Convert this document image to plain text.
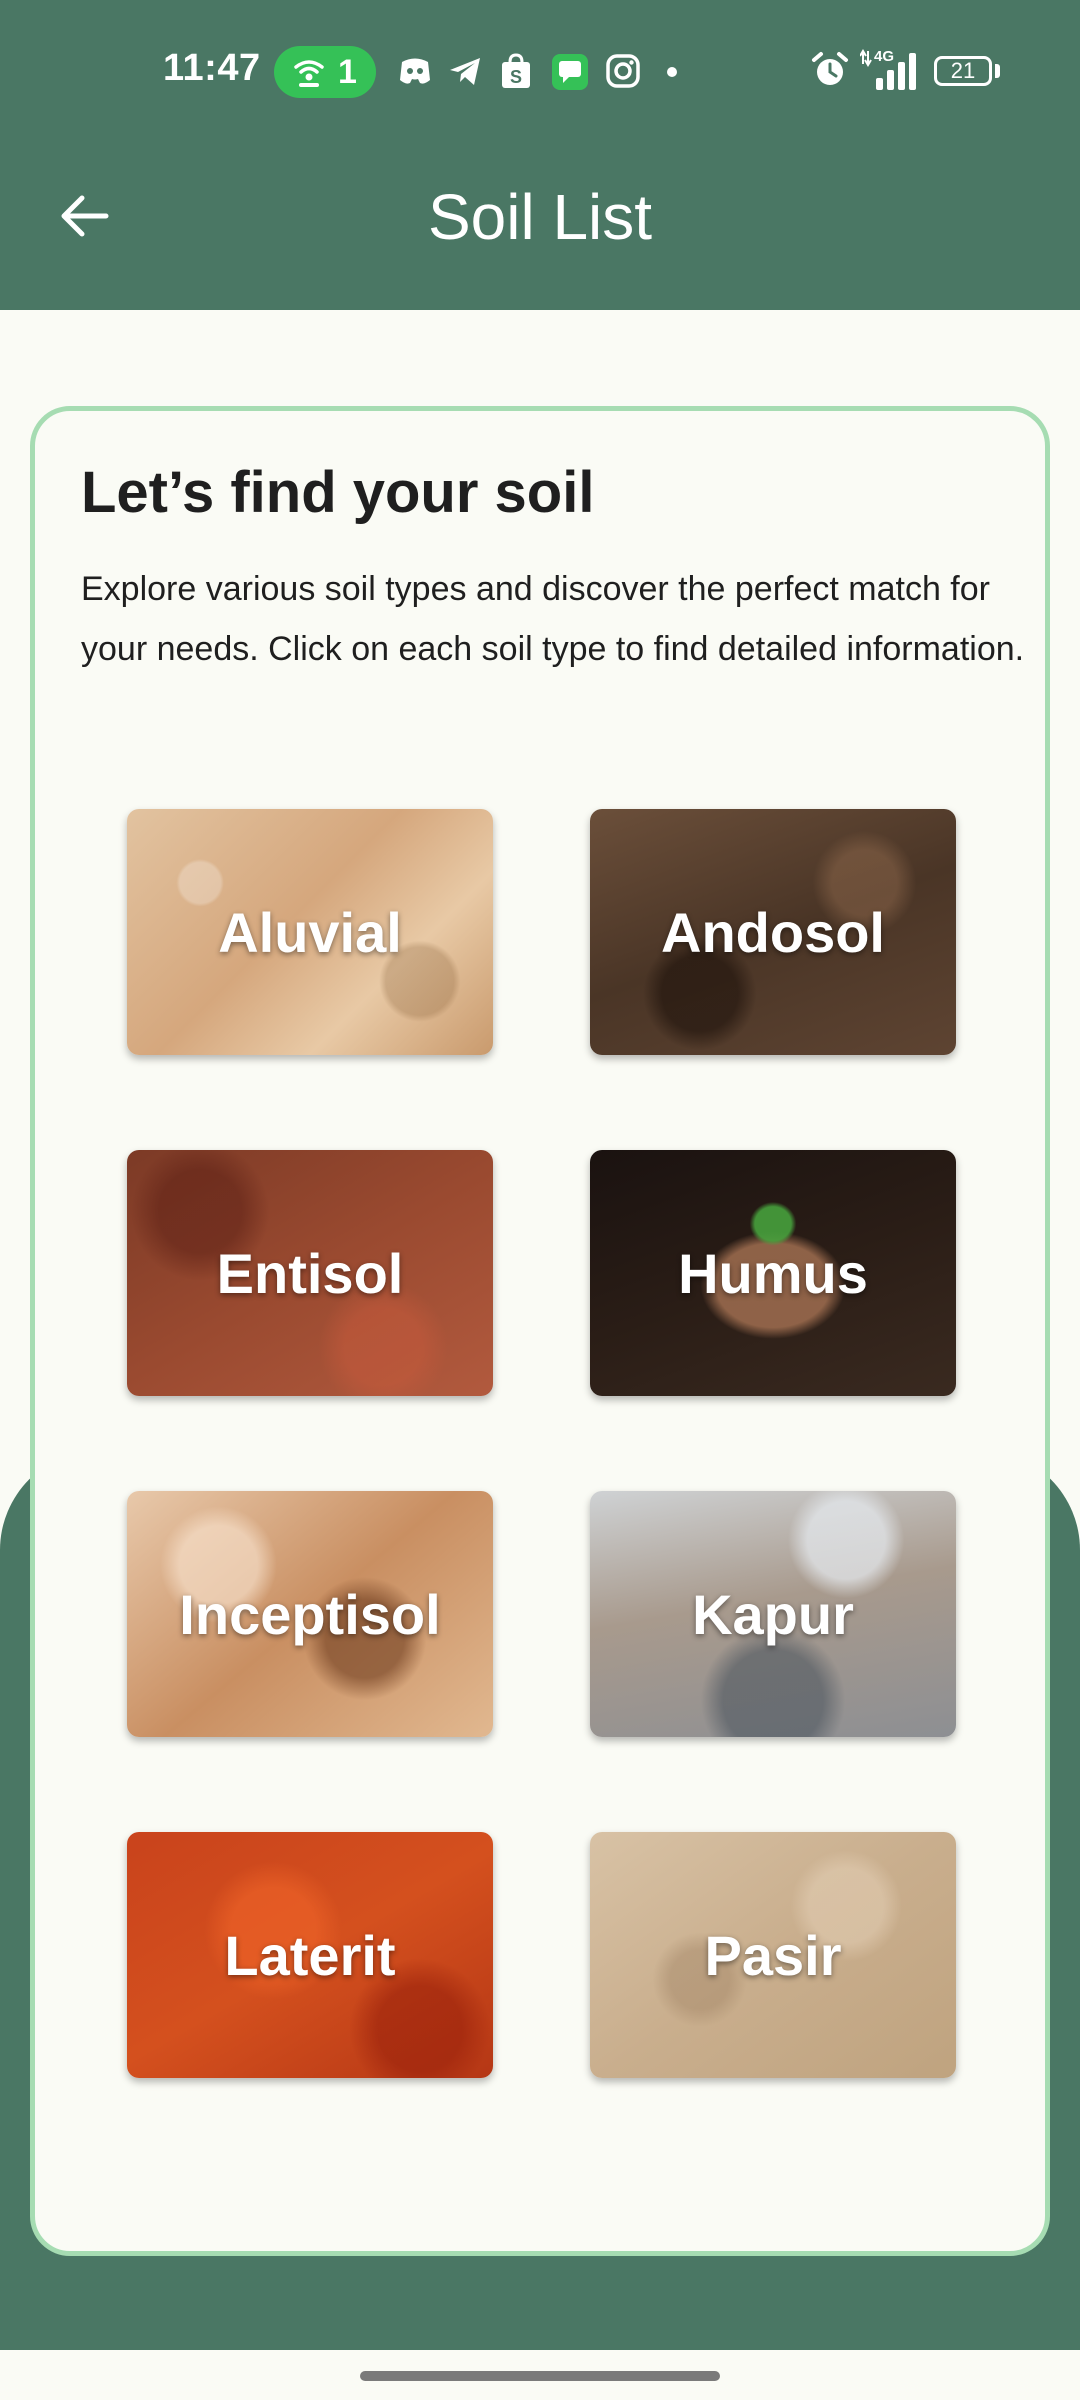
11:47 1	S
4G
21
Soil List
Let’s find your soil

Explore various soil types and discover the perfect match for your needs. Click on each soil type to find detailed information.

Aluvial	Andosol
Entisol	Humus
Inceptisol	Kapur
Laterit	Pasir
